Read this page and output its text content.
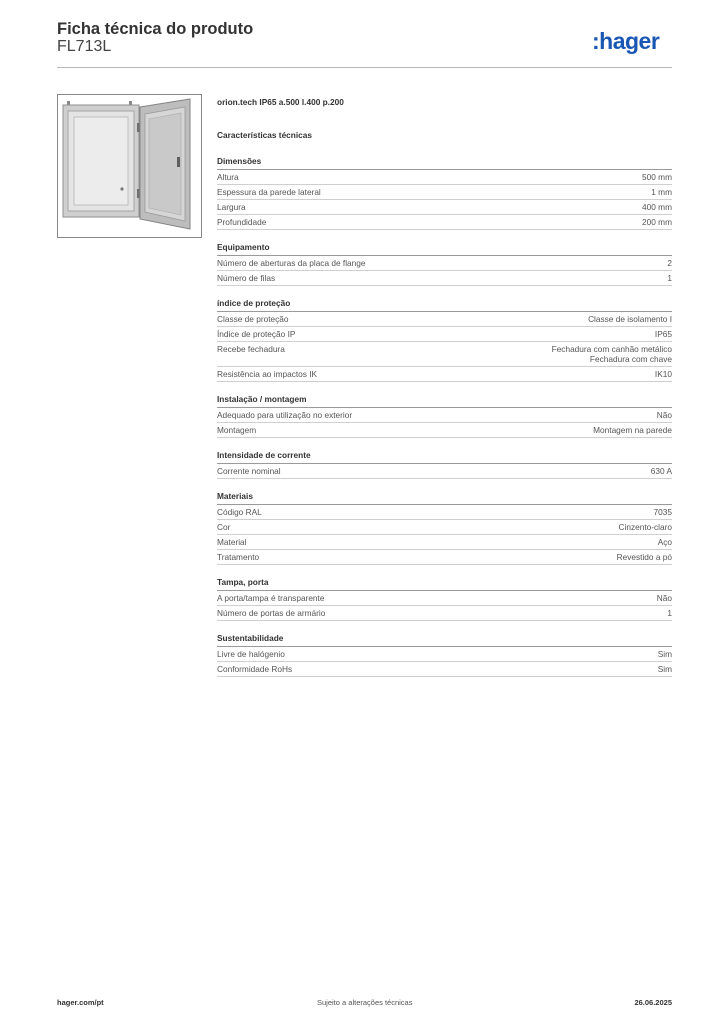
Ficha técnica do produto
FL713L	:hager
orion.tech IP65 a.500 l.400 p.200
Características técnicas
Dimensões
Altura	500 mm
Espessura da parede lateral	1 mm
Largura	400 mm
Profundidade	200 mm
Equipamento
Número de aberturas da placa de flange	2
Número de filas	1
índice de proteção
Classe de proteção	Classe de isolamento I
Índice de proteção IP	IP65
Recebe fechadura	Fechadura com canhão metálico
Fechadura com chave
Resistência ao impactos IK	IK10
Instalação / montagem
Adequado para utilização no exterior	Não
Montagem	Montagem na parede
Intensidade de corrente
Corrente nominal	630 A
Materiais
Código RAL	7035
Cor	Cinzento-claro
Material	Aço
Tratamento	Revestido a pó
Tampa, porta
A porta/tampa é transparente	Não
Número de portas de armário	1
Sustentabilidade
Livre de halógenio	Sim
Conformidade RoHs	Sim
hager.com/pt	Sujeito a alterações técnicas	26.06.2025
